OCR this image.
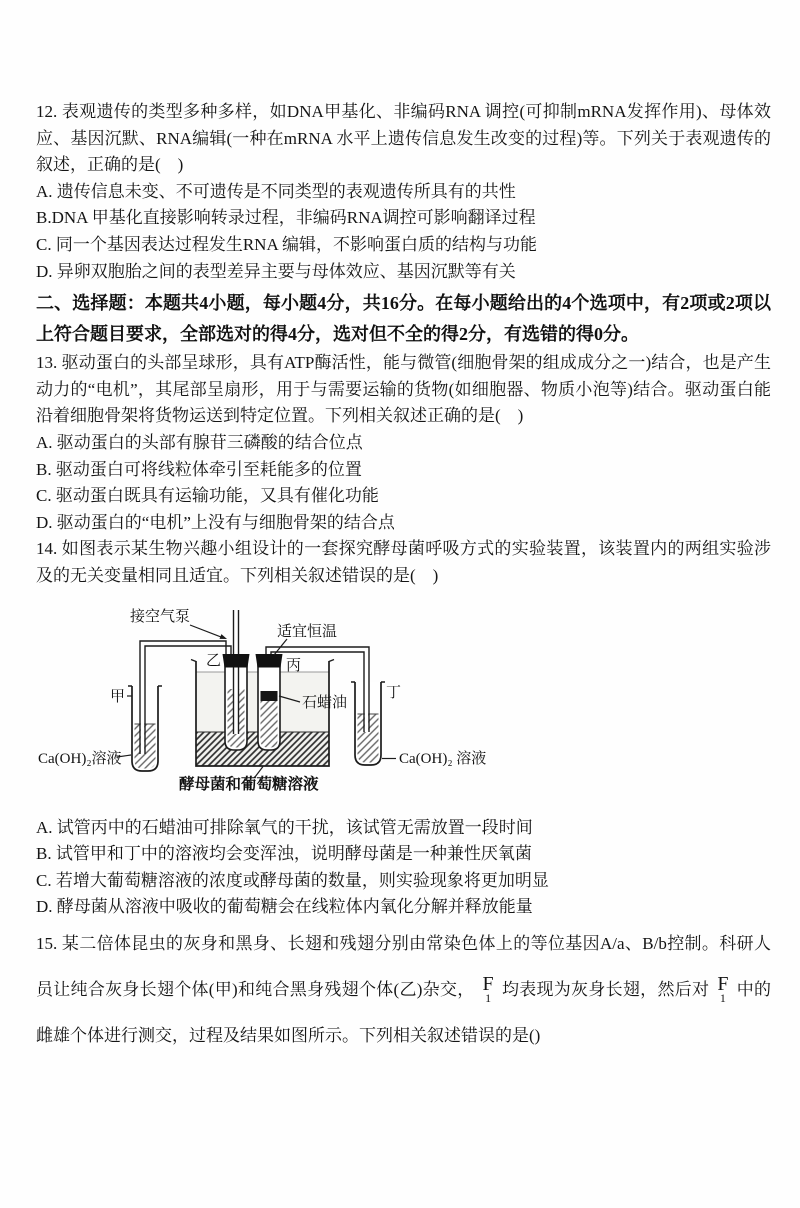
12. 表观遗传的类型多种多样，如DNA甲基化、非编码RNA 调控(可抑制mRNA发挥作用)、母体效应、基因沉默、RNA编辑(一种在mRNA 水平上遗传信息发生改变的过程)等。下列关于表观遗传的叙述，正确的是(　)

A. 遗传信息未变、不可遗传是不同类型的表观遗传所具有的共性

B.DNA 甲基化直接影响转录过程，非编码RNA调控可影响翻译过程

C. 同一个基因表达过程发生RNA 编辑，不影响蛋白质的结构与功能

D. 异卵双胞胎之间的表型差异主要与母体效应、基因沉默等有关

二、选择题：本题共4小题，每小题4分，共16分。在每小题给出的4个选项中，有2项或2项以上符合题目要求，全部选对的得4分，选对但不全的得2分，有选错的得0分。

13. 驱动蛋白的头部呈球形，具有ATP酶活性，能与微管(细胞骨架的组成成分之一)结合，也是产生动力的“电机”，其尾部呈扇形，用于与需要运输的货物(如细胞器、物质小泡等)结合。驱动蛋白能沿着细胞骨架将货物运送到特定位置。下列相关叙述正确的是(　)

A. 驱动蛋白的头部有腺苷三磷酸的结合位点

B. 驱动蛋白可将线粒体牵引至耗能多的位置

C. 驱动蛋白既具有运输功能，又具有催化功能

D. 驱动蛋白的“电机”上没有与细胞骨架的结合点

14. 如图表示某生物兴趣小组设计的一套探究酵母菌呼吸方式的实验装置，该装置内的两组实验涉及的无关变量相同且适宜。下列相关叙述错误的是(　)

接空气泵
适宜恒温
乙	丙
甲	丁
石蜡油
Ca(OH)₂溶液	Ca(OH)₂ 溶液
酵母菌和葡萄糖溶液

A. 试管丙中的石蜡油可排除氧气的干扰，该试管无需放置一段时间

B. 试管甲和丁中的溶液均会变浑浊，说明酵母菌是一种兼性厌氧菌

C. 若增大葡萄糖溶液的浓度或酵母菌的数量，则实验现象将更加明显

D. 酵母菌从溶液中吸收的葡萄糖会在线粒体内氧化分解并释放能量

15. 某二倍体昆虫的灰身和黑身、长翅和残翅分别由常染色体上的等位基因A/a、B/b控制。科研人员让纯合灰身长翅个体(甲)和纯合黑身残翅个体(乙)杂交， F
1 均表现为灰身长翅，然后对 F
1 中的雌雄个体进行测交，过程及结果如图所示。下列相关叙述错误的是()
